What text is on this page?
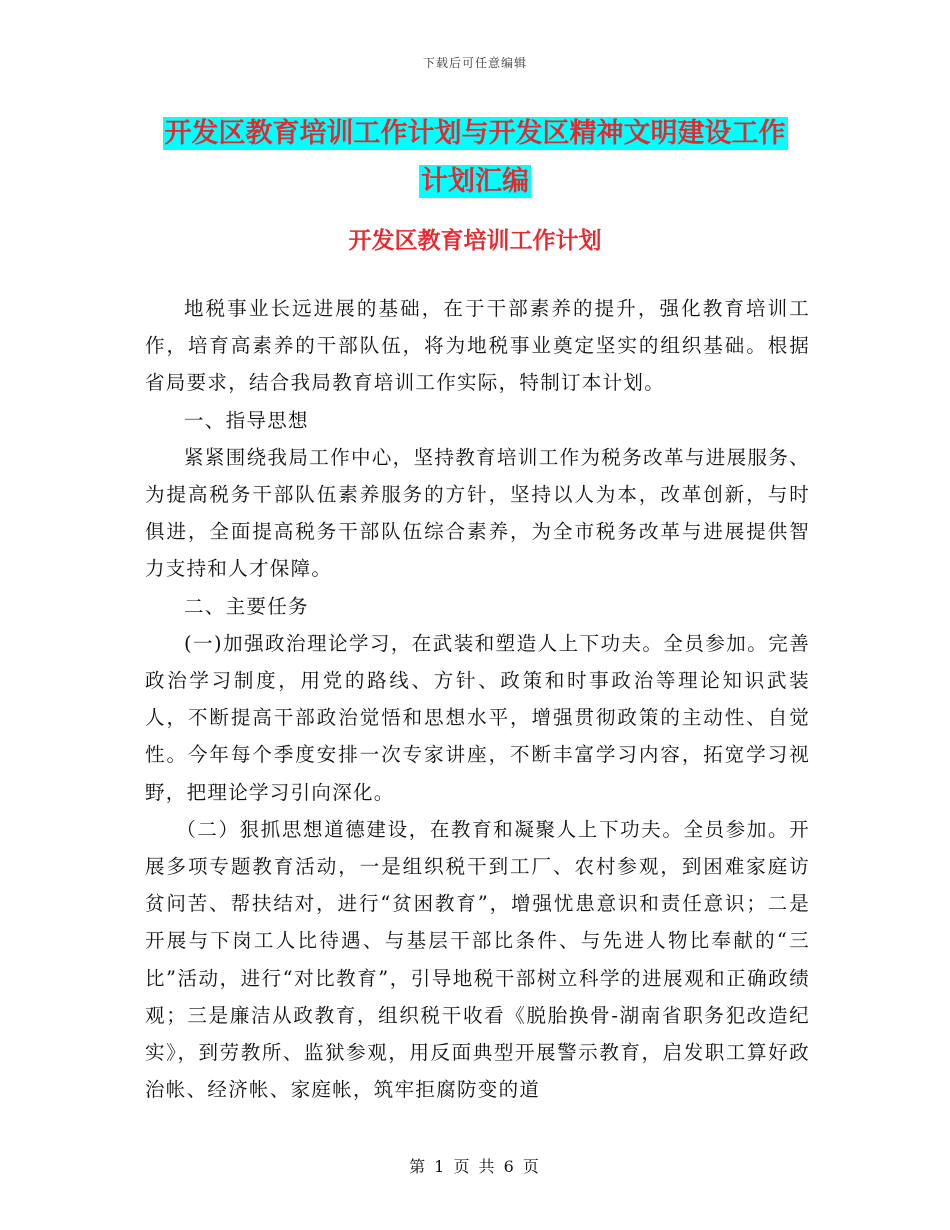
下载后可任意编辑
开发区教育培训工作计划与开发区精神文明建设工作
计划汇编
开发区教育培训工作计划

地税事业长远进展的基础，在于干部素养的提升，强化教育培训工作，培育高素养的干部队伍，将为地税事业奠定坚实的组织基础。根据省局要求，结合我局教育培训工作实际，特制订本计划。

一、指导思想

紧紧围绕我局工作中心，坚持教育培训工作为税务改革与进展服务、为提高税务干部队伍素养服务的方针，坚持以人为本，改革创新，与时俱进，全面提高税务干部队伍综合素养，为全市税务改革与进展提供智力支持和人才保障。

二、主要任务

(一)加强政治理论学习，在武装和塑造人上下功夫。全员参加。完善政治学习制度，用党的路线、方针、政策和时事政治等理论知识武装人，不断提高干部政治觉悟和思想水平，增强贯彻政策的主动性、自觉性。今年每个季度安排一次专家讲座，不断丰富学习内容，拓宽学习视野，把理论学习引向深化。

（二）狠抓思想道德建设，在教育和凝聚人上下功夫。全员参加。开展多项专题教育活动，一是组织税干到工厂、农村参观，到困难家庭访贫问苦、帮扶结对，进行“贫困教育”，增强忧患意识和责任意识；二是开展与下岗工人比待遇、与基层干部比条件、与先进人物比奉献的“三比”活动，进行“对比教育”，引导地税干部树立科学的进展观和正确政绩观；三是廉洁从政教育，组织税干收看《脱胎换骨-湖南省职务犯改造纪实》，到劳教所、监狱参观，用反面典型开展警示教育，启发职工算好政治帐、经济帐、家庭帐，筑牢拒腐防变的道

第 1 页 共 6 页
